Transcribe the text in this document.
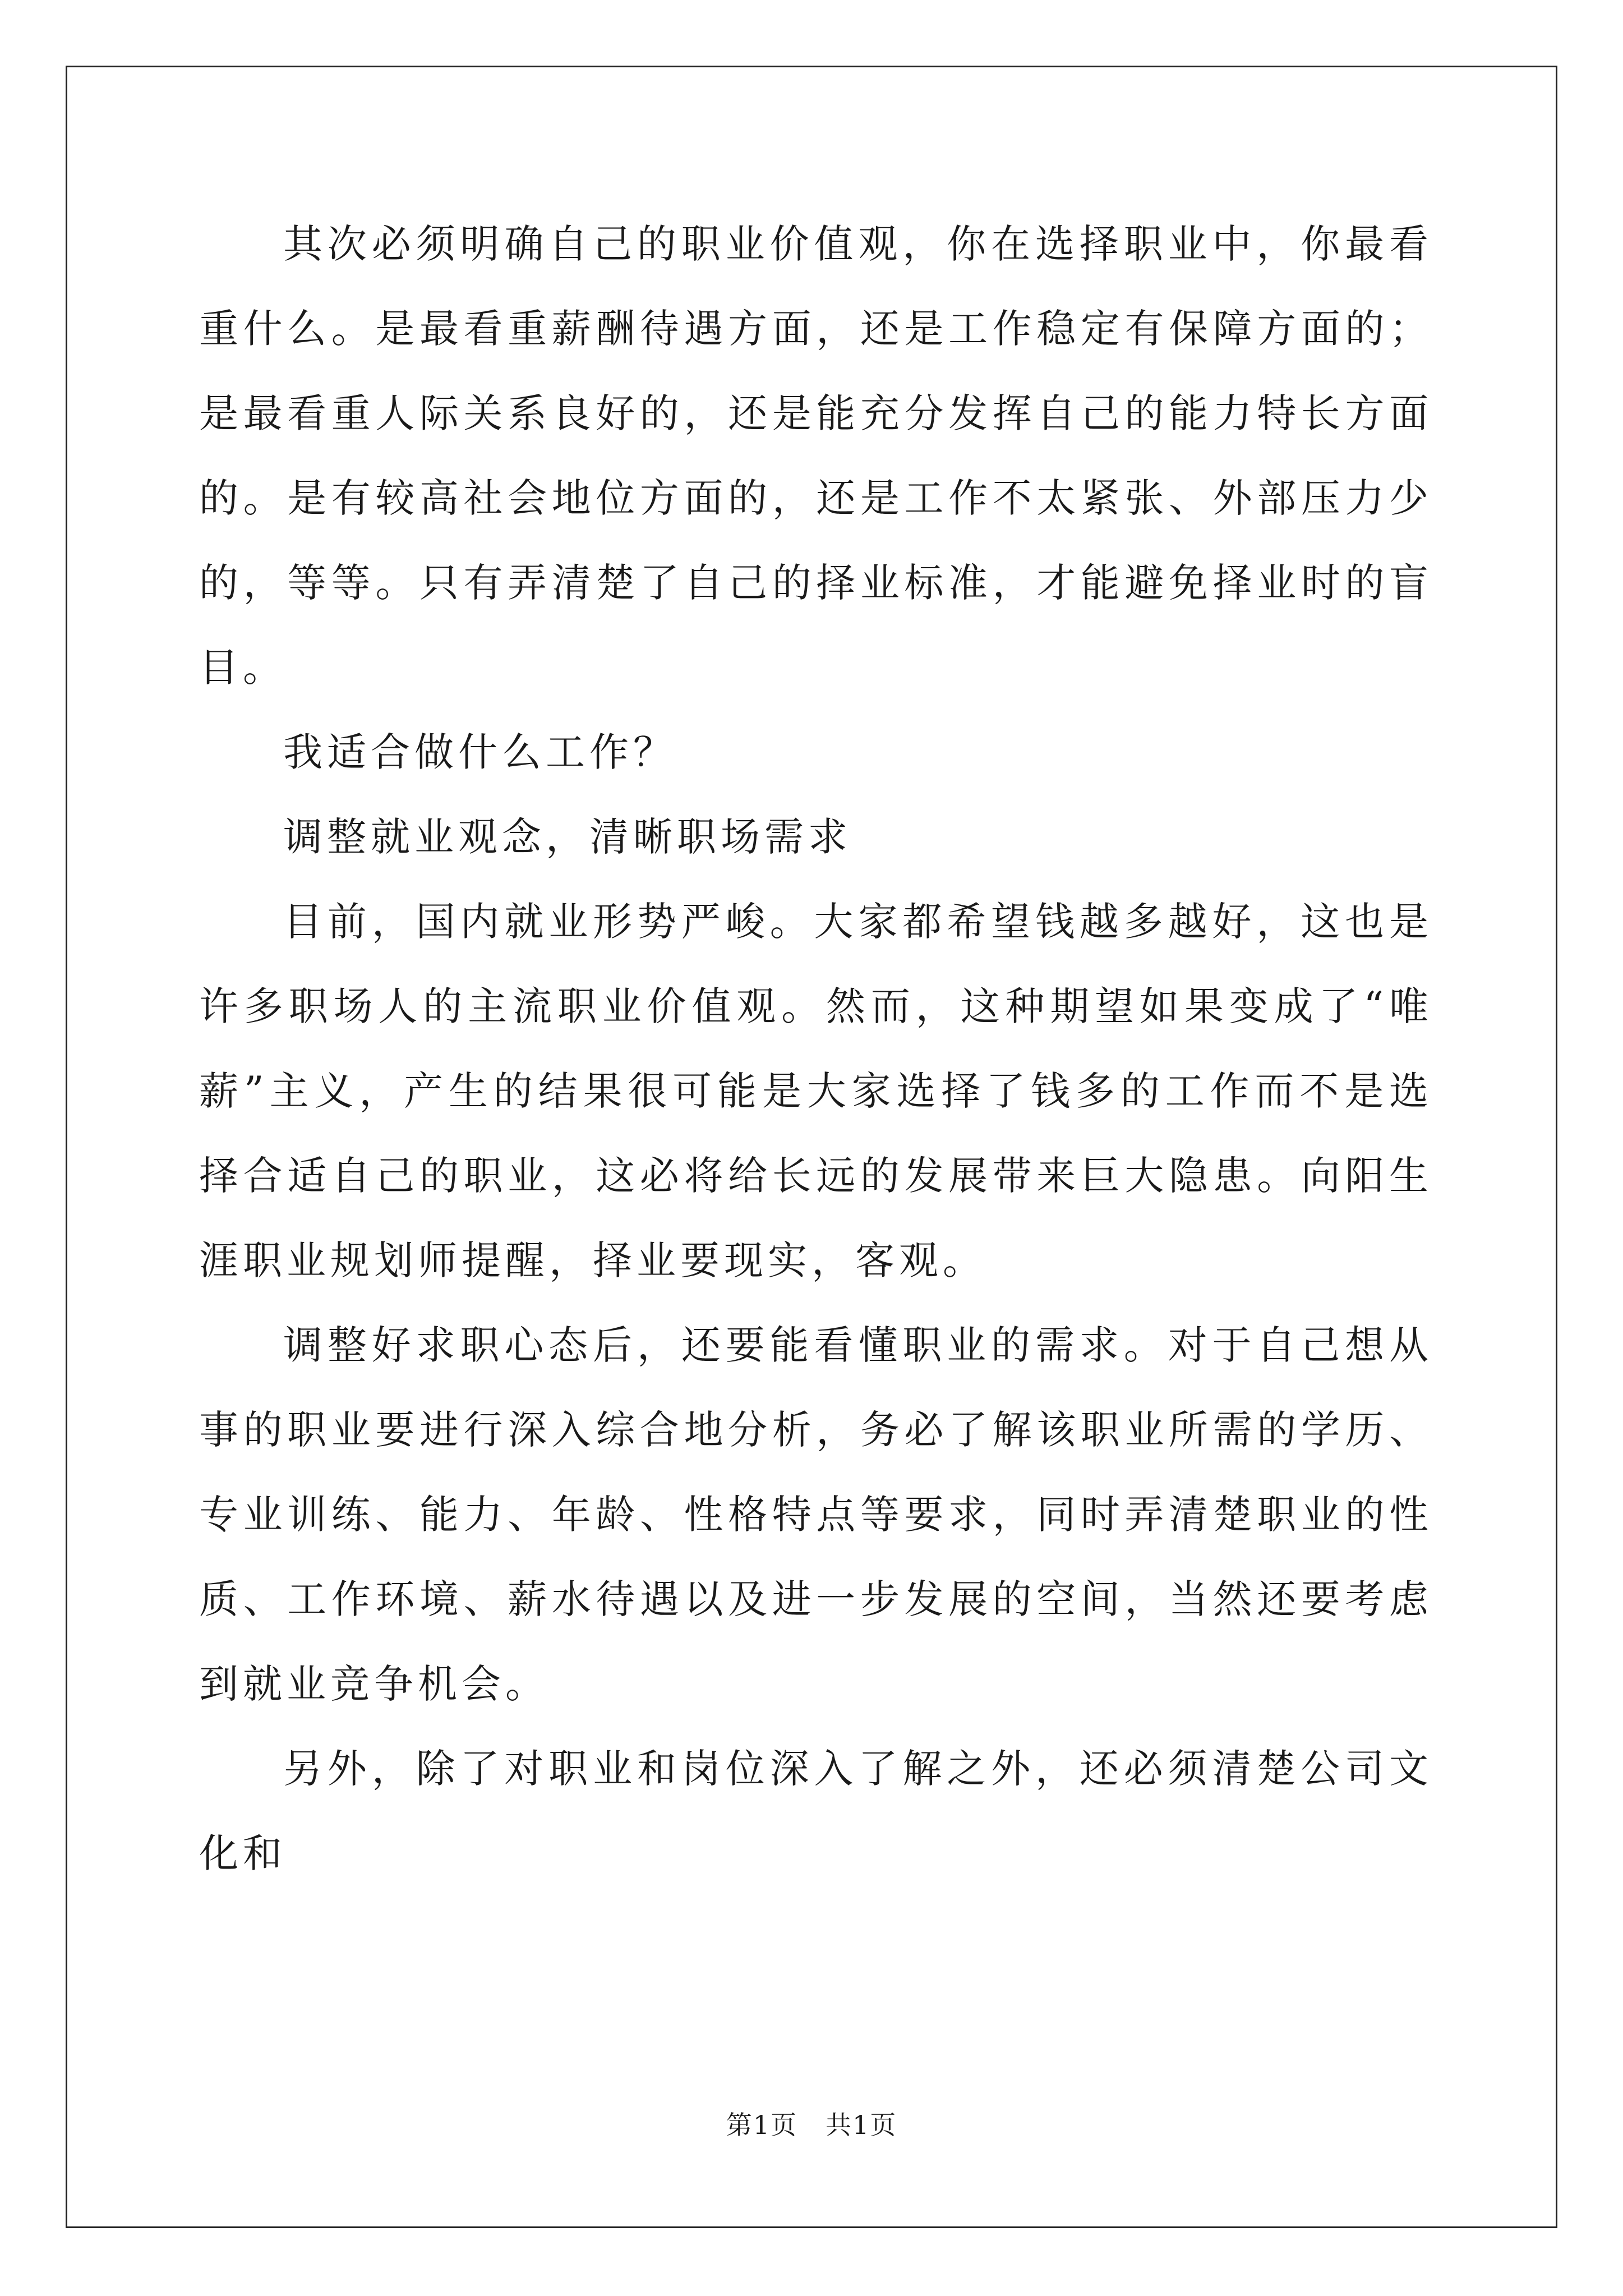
其次必须明确自己的职业价值观，你在选择职业中，你最看重什么。是最看重薪酬待遇方面，还是工作稳定有保障方面的；是最看重人际关系良好的，还是能充分发挥自己的能力特长方面的。是有较高社会地位方面的，还是工作不太紧张、外部压力少的，等等。只有弄清楚了自己的择业标准，才能避免择业时的盲目。

我适合做什么工作？

调整就业观念，清晰职场需求

目前，国内就业形势严峻。大家都希望钱越多越好，这也是许多职场人的主流职业价值观。然而，这种期望如果变成了“唯薪”主义，产生的结果很可能是大家选择了钱多的工作而不是选择合适自己的职业，这必将给长远的发展带来巨大隐患。向阳生涯职业规划师提醒，择业要现实，客观。

调整好求职心态后，还要能看懂职业的需求。对于自己想从事的职业要进行深入综合地分析，务必了解该职业所需的学历、专业训练、能力、年龄、性格特点等要求，同时弄清楚职业的性质、工作环境、薪水待遇以及进一步发展的空间，当然还要考虑到就业竞争机会。

另外，除了对职业和岗位深入了解之外，还必须清楚公司文化和

第1页 共1页
